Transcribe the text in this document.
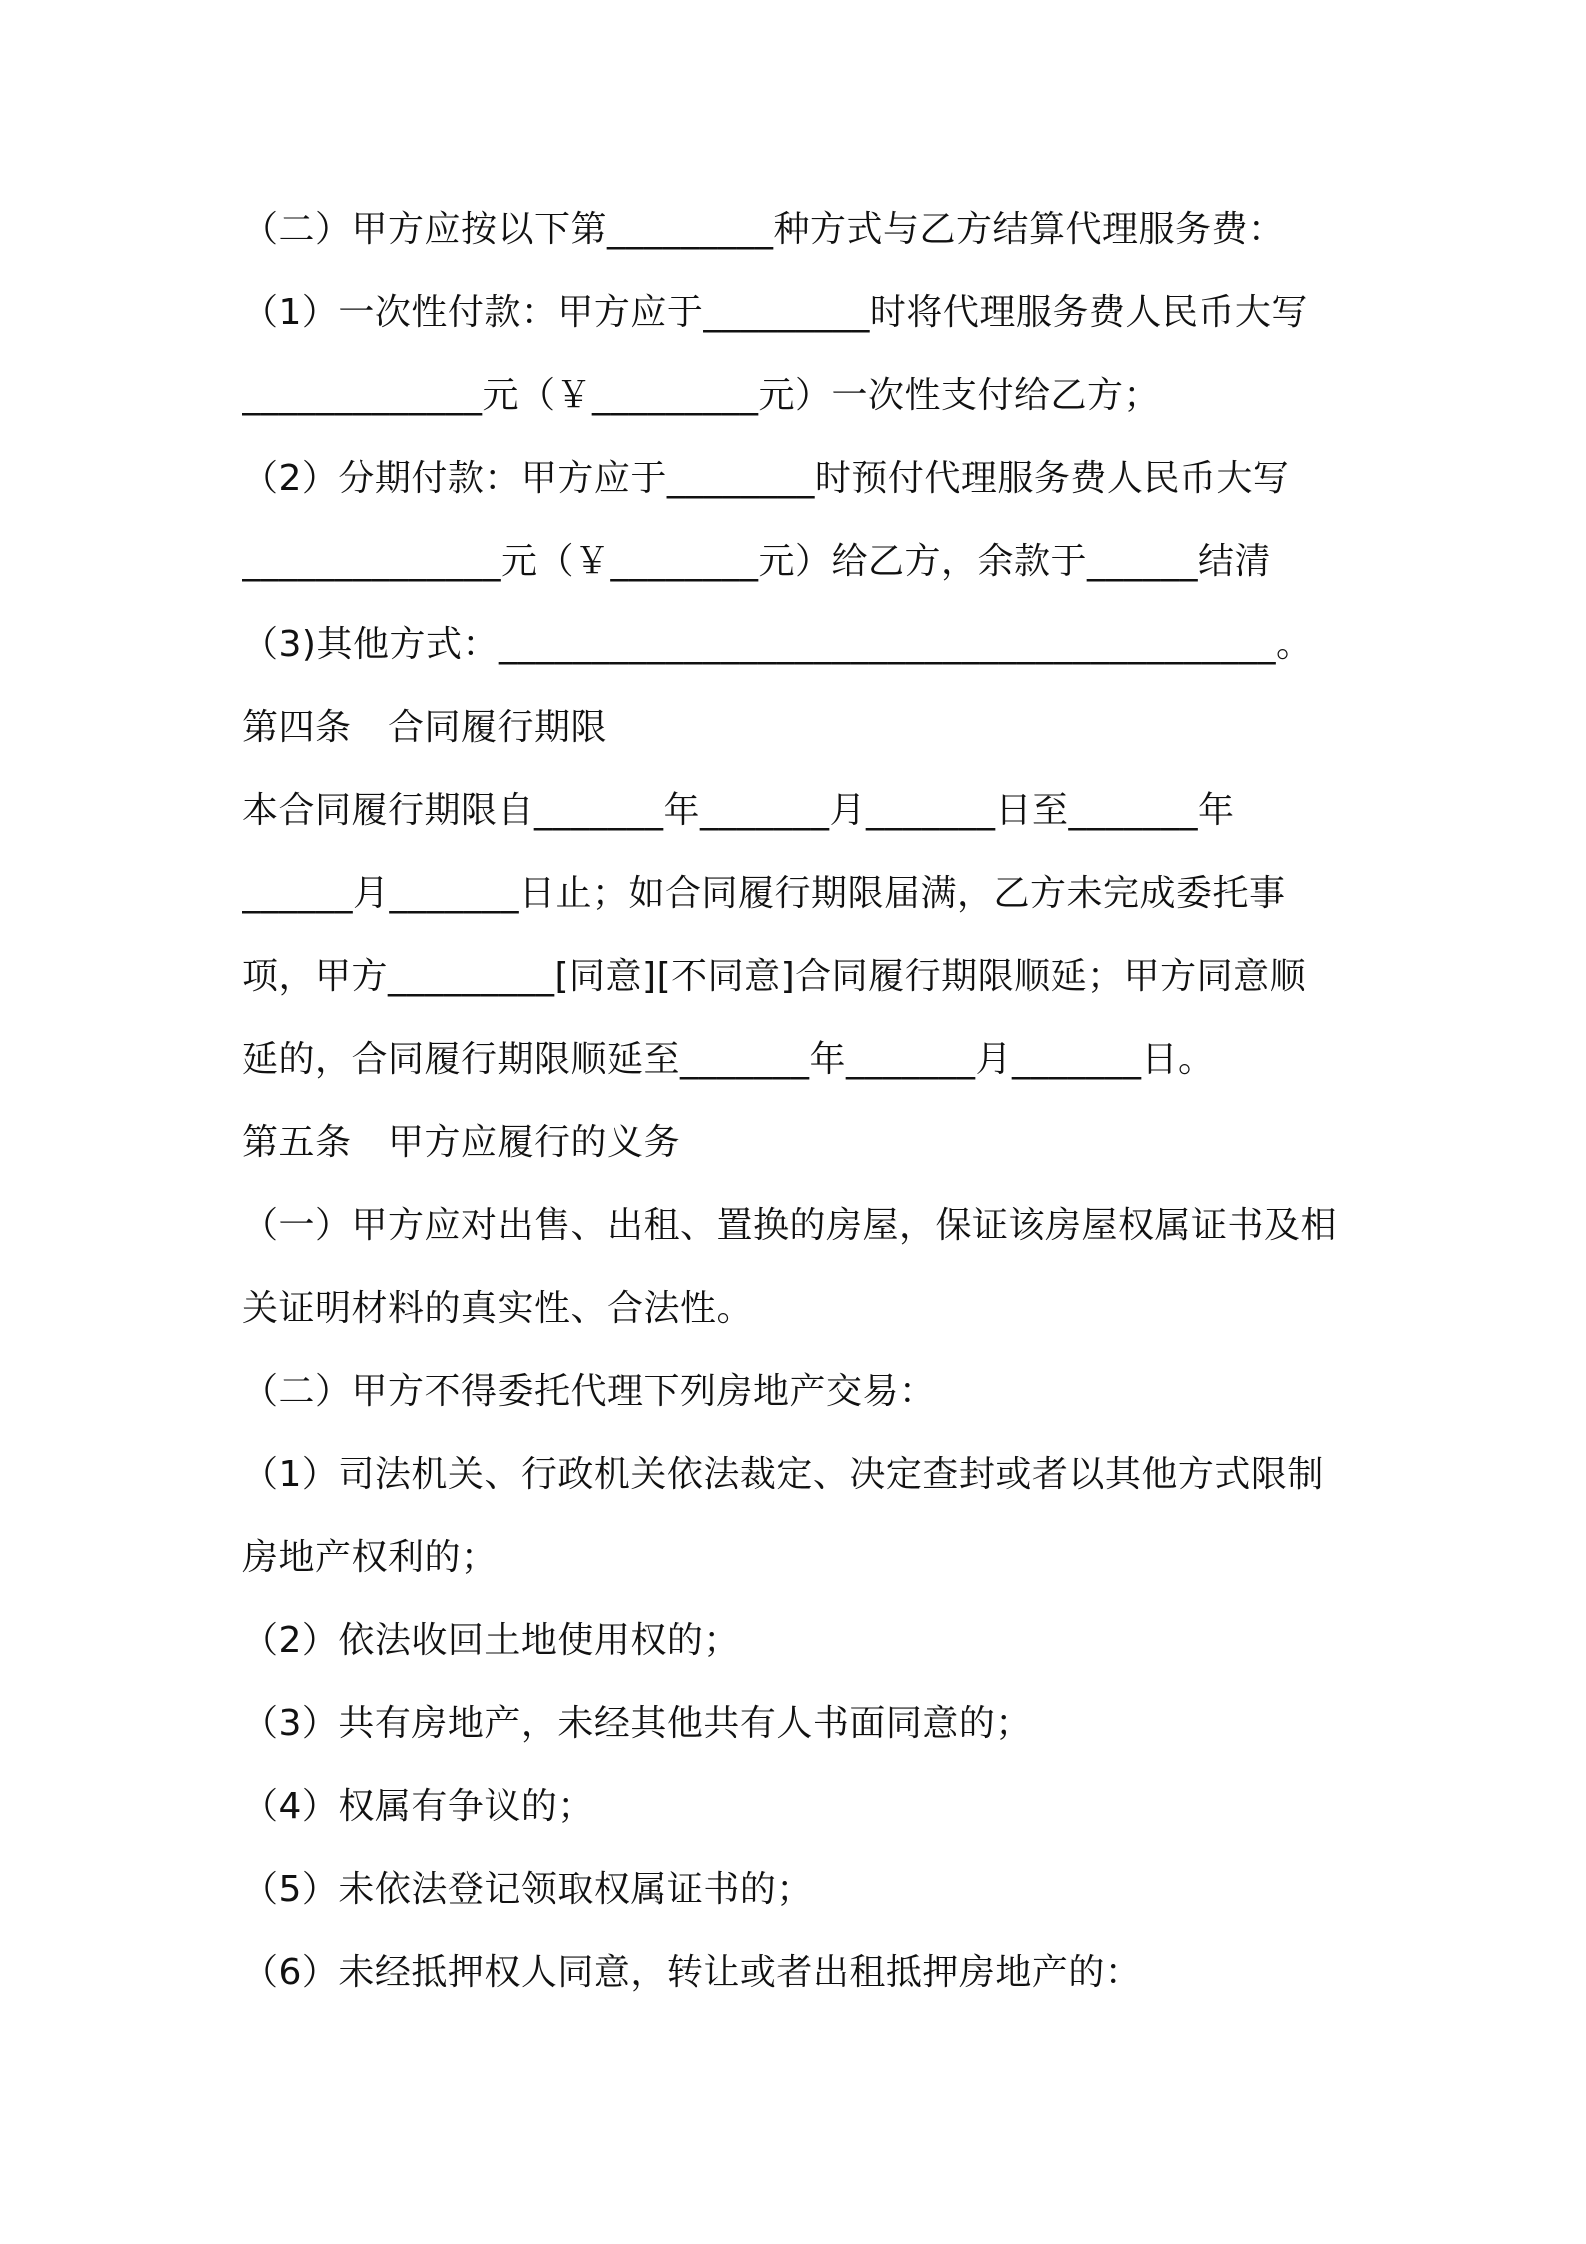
（二）甲方应按以下第_________种方式与乙方结算代理服务费：
（1）一次性付款：甲方应于_________时将代理服务费人民币大写
_____________元（￥_________元）一次性支付给乙方；
（2）分期付款：甲方应于________时预付代理服务费人民币大写
______________元（￥________元）给乙方，余款于______结清
（3)其他方式：__________________________________________。
第四条　合同履行期限
本合同履行期限自_______年_______月_______日至_______年
______月_______日止；如合同履行期限届满，乙方未完成委托事
项，甲方_________[同意][不同意]合同履行期限顺延；甲方同意顺
延的，合同履行期限顺延至_______年_______月_______日。
第五条　甲方应履行的义务
（一）甲方应对出售、出租、置换的房屋，保证该房屋权属证书及相
关证明材料的真实性、合法性。
（二）甲方不得委托代理下列房地产交易：
（1）司法机关、行政机关依法裁定、决定查封或者以其他方式限制
房地产权利的；
（2）依法收回土地使用权的；
（3）共有房地产，未经其他共有人书面同意的；
（4）权属有争议的；
（5）未依法登记领取权属证书的；
（6）未经抵押权人同意，转让或者出租抵押房地产的：
